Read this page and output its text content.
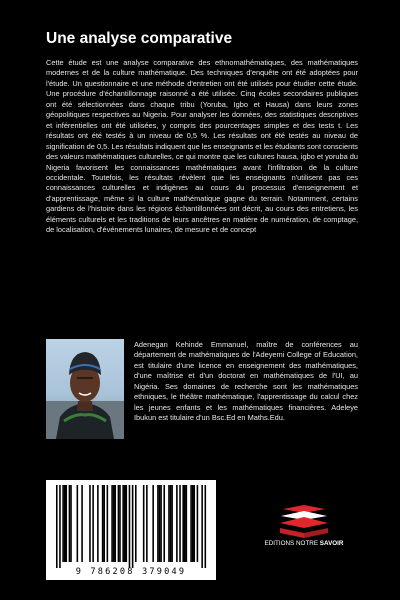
Une analyse comparative

Cette étude est une analyse comparative des ethnomathématiques, des mathématiques modernes et de la culture mathématique. Des techniques d'enquête ont été adoptées pour l'étude. Un questionnaire et une méthode d'entretien ont été utilisés pour étudier cette étude. Une procédure d'échantillonnage raisonné a été utilisée. Cinq écoles secondaires publiques ont été sélectionnées dans chaque tribu (Yoruba, Igbo et Hausa) dans leurs zones géopolitiques respectives au Nigeria. Pour analyser les données, des statistiques descriptives et inférentielles ont été utilisées, y compris des pourcentages simples et des tests t. Les résultats ont été testés à un niveau de 0,5 %. Les résultats ont été testés au niveau de signification de 0,5. Les résultats indiquent que les enseignants et les étudiants sont conscients des valeurs mathématiques culturelles, ce qui montre que les cultures hausa, igbo et yoruba du Nigeria favorisent les connaissances mathématiques avant l'infiltration de la culture occidentale. Toutefois, les résultats révèlent que les enseignants n'utilisent pas ces connaissances culturelles et indigènes au cours du processus d'enseignement et d'apprentissage, même si la culture mathématique gagne du terrain. Notamment, certains gardiens de l'histoire dans les régions échantillonnées ont décrit, au cours des entretiens, les éléments culturels et les traditions de leurs ancêtres en matière de numération, de comptage, de localisation, d'événements lunaires, de mesure et de concept

Adenegan Kehinde Emmanuel, maître de conférences au département de mathématiques de l'Adeyemi College of Education, est titulaire d'une licence en enseignement des mathématiques, d'une maîtrise et d'un doctorat en mathématiques de l'UI, au Nigéria. Ses domaines de recherche sont les mathématiques ethniques, le théâtre mathématique, l'apprentissage du calcul chez les jeunes enfants et les mathématiques financières. Adeleye Ibukun est titulaire d'un Bsc.Ed en Maths.Edu.

9 786208 379049
EDITIONS NOTRE SAVOIR
